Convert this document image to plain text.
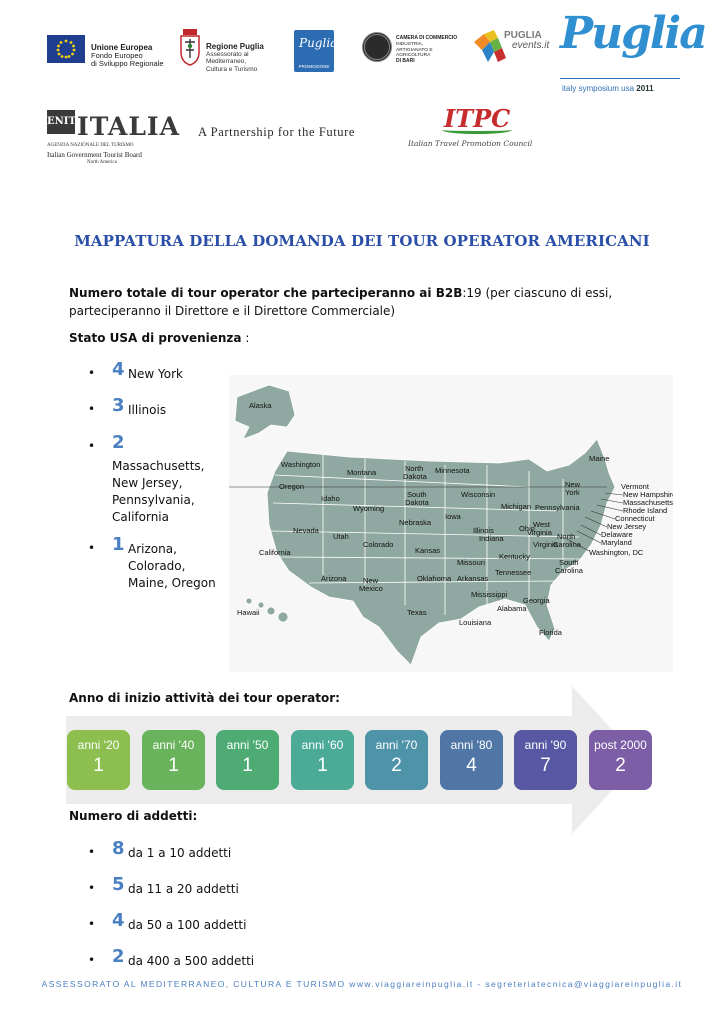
Unione Europea
Fondo Europeo
di Sviluppo Regionale
Regione Puglia
Assessorato al Mediterraneo,
Cultura e Turismo
Puglia
PROMOZIONE
CAMERA DI COMMERCIO
INDUSTRIA,
ARTIGIANATO E AGRICOLTURA
DI BARI
PUGLIA
events.it Puglia
italy symposium usa 2011
ENIT ITALIA
AGENZIA NAZIONALE DEL TURISMO
Italian Government Tourist Board
North America
A Partnership for the Future	ITPC
Italian Travel Promotion Council
MAPPATURA DELLA DOMANDA DEI TOUR OPERATOR AMERICANI
Numero totale di tour operator che parteciperanno ai B2B:19 (per ciascuno di essi, parteciperanno il Direttore e il Direttore Commerciale)
Stato USA di provenienza :
• 4 New York
• 3 Illinois
• 2
Massachusetts, New Jersey, Pennsylvania, California
• 1 Arizona, Colorado, Maine, Oregon
Alaska
Hawaii
Washington
Oregon
California
Nevada
Idaho
Montana
Wyoming
Utah
Arizona
Colorado
New
Mexico
North
Dakota
South
Dakota
Nebraska
Kansas
Oklahoma
Texas
Minnesota
Iowa
Missouri
Arkansas
Louisiana
Wisconsin
Illinois
Michigan
Indiana
Ohio
Kentucky
Tennessee
Mississippi
Alabama
Georgia
Florida
South
Carolina
North
Carolina
Virginia
West
Virginia
Pennsylvania
New
York
Maine
Vermont
New Hampshire
Massachusetts
Rhode Island
Connecticut
New Jersey
Delaware
Maryland
Washington, DC
Anno di inizio attività dei tour operator:
anni '20
1
anni '40
1
anni '50
1
anni '60
1
anni '70
2
anni '80
4
anni '90
7
post 2000
2
Numero di addetti:
• 8 da 1 a 10 addetti
• 5 da 11 a 20 addetti
• 4 da 50 a 100 addetti
• 2 da 400 a 500 addetti
ASSESSORATO AL MEDITERRANEO, CULTURA E TURISMO www.viaggiareinpuglia.it - segreteriatecnica@viaggiareinpuglia.it
